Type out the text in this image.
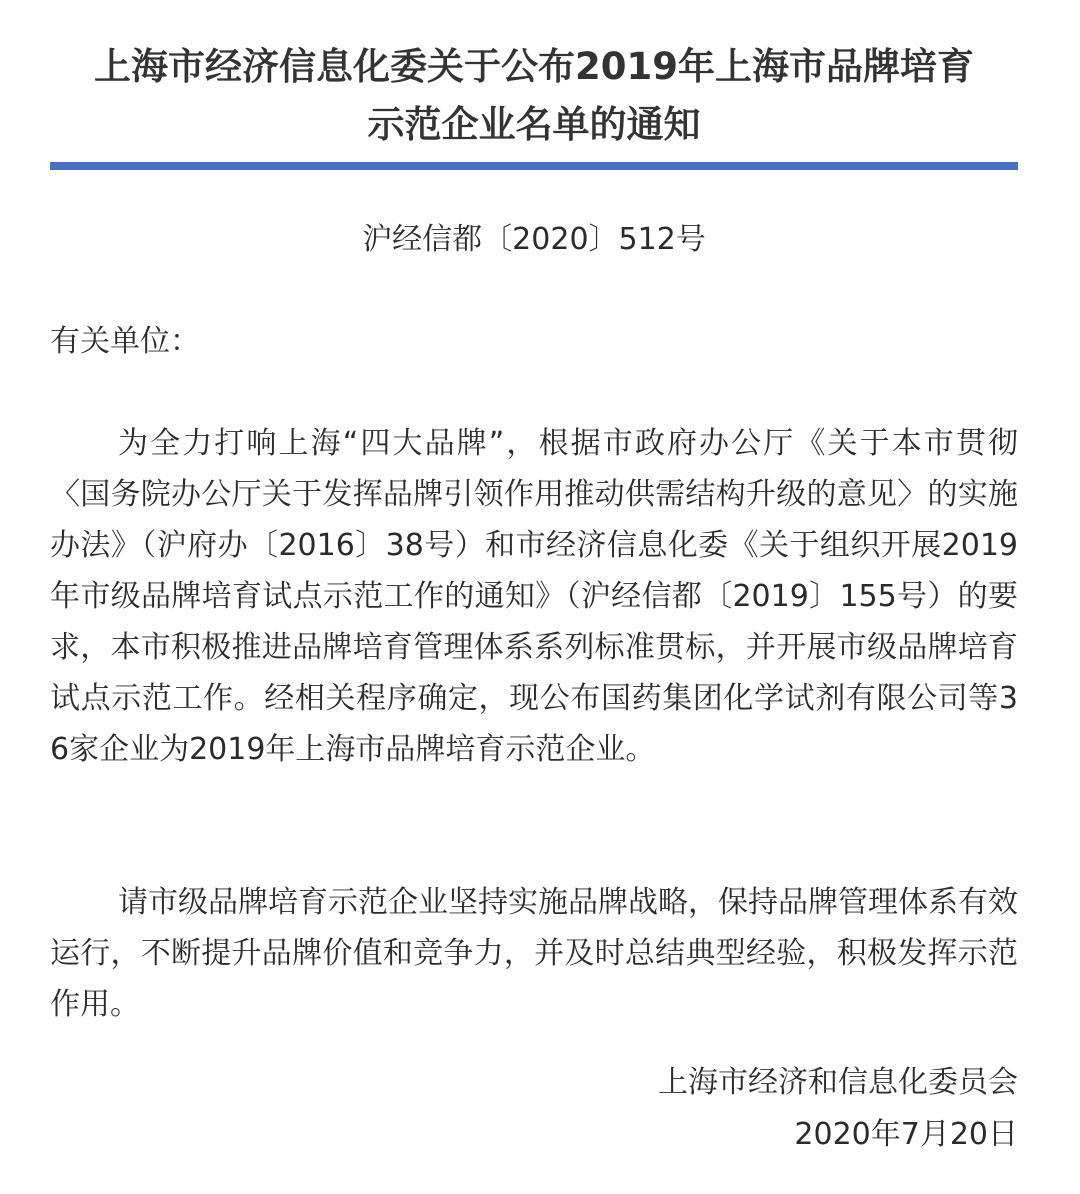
上海市经济信息化委关于公布2019年上海市品牌培育
示范企业名单的通知
沪经信都〔2020〕512号
有关单位：

为全力打响上海“四大品牌”，根据市政府办公厅《关于本市贯彻〈国务院办公厅关于发挥品牌引领作用推动供需结构升级的意见〉的实施办法》（沪府办〔2016〕38号）和市经济信息化委《关于组织开展2019年市级品牌培育试点示范工作的通知》（沪经信都〔2019〕155号）的要求，本市积极推进品牌培育管理体系系列标准贯标，并开展市级品牌培育试点示范工作。经相关程序确定，现公布国药集团化学试剂有限公司等36家企业为2019年上海市品牌培育示范企业。

请市级品牌培育示范企业坚持实施品牌战略，保持品牌管理体系有效运行，不断提升品牌价值和竞争力，并及时总结典型经验，积极发挥示范作用。

上海市经济和信息化委员会
2020年7月20日
